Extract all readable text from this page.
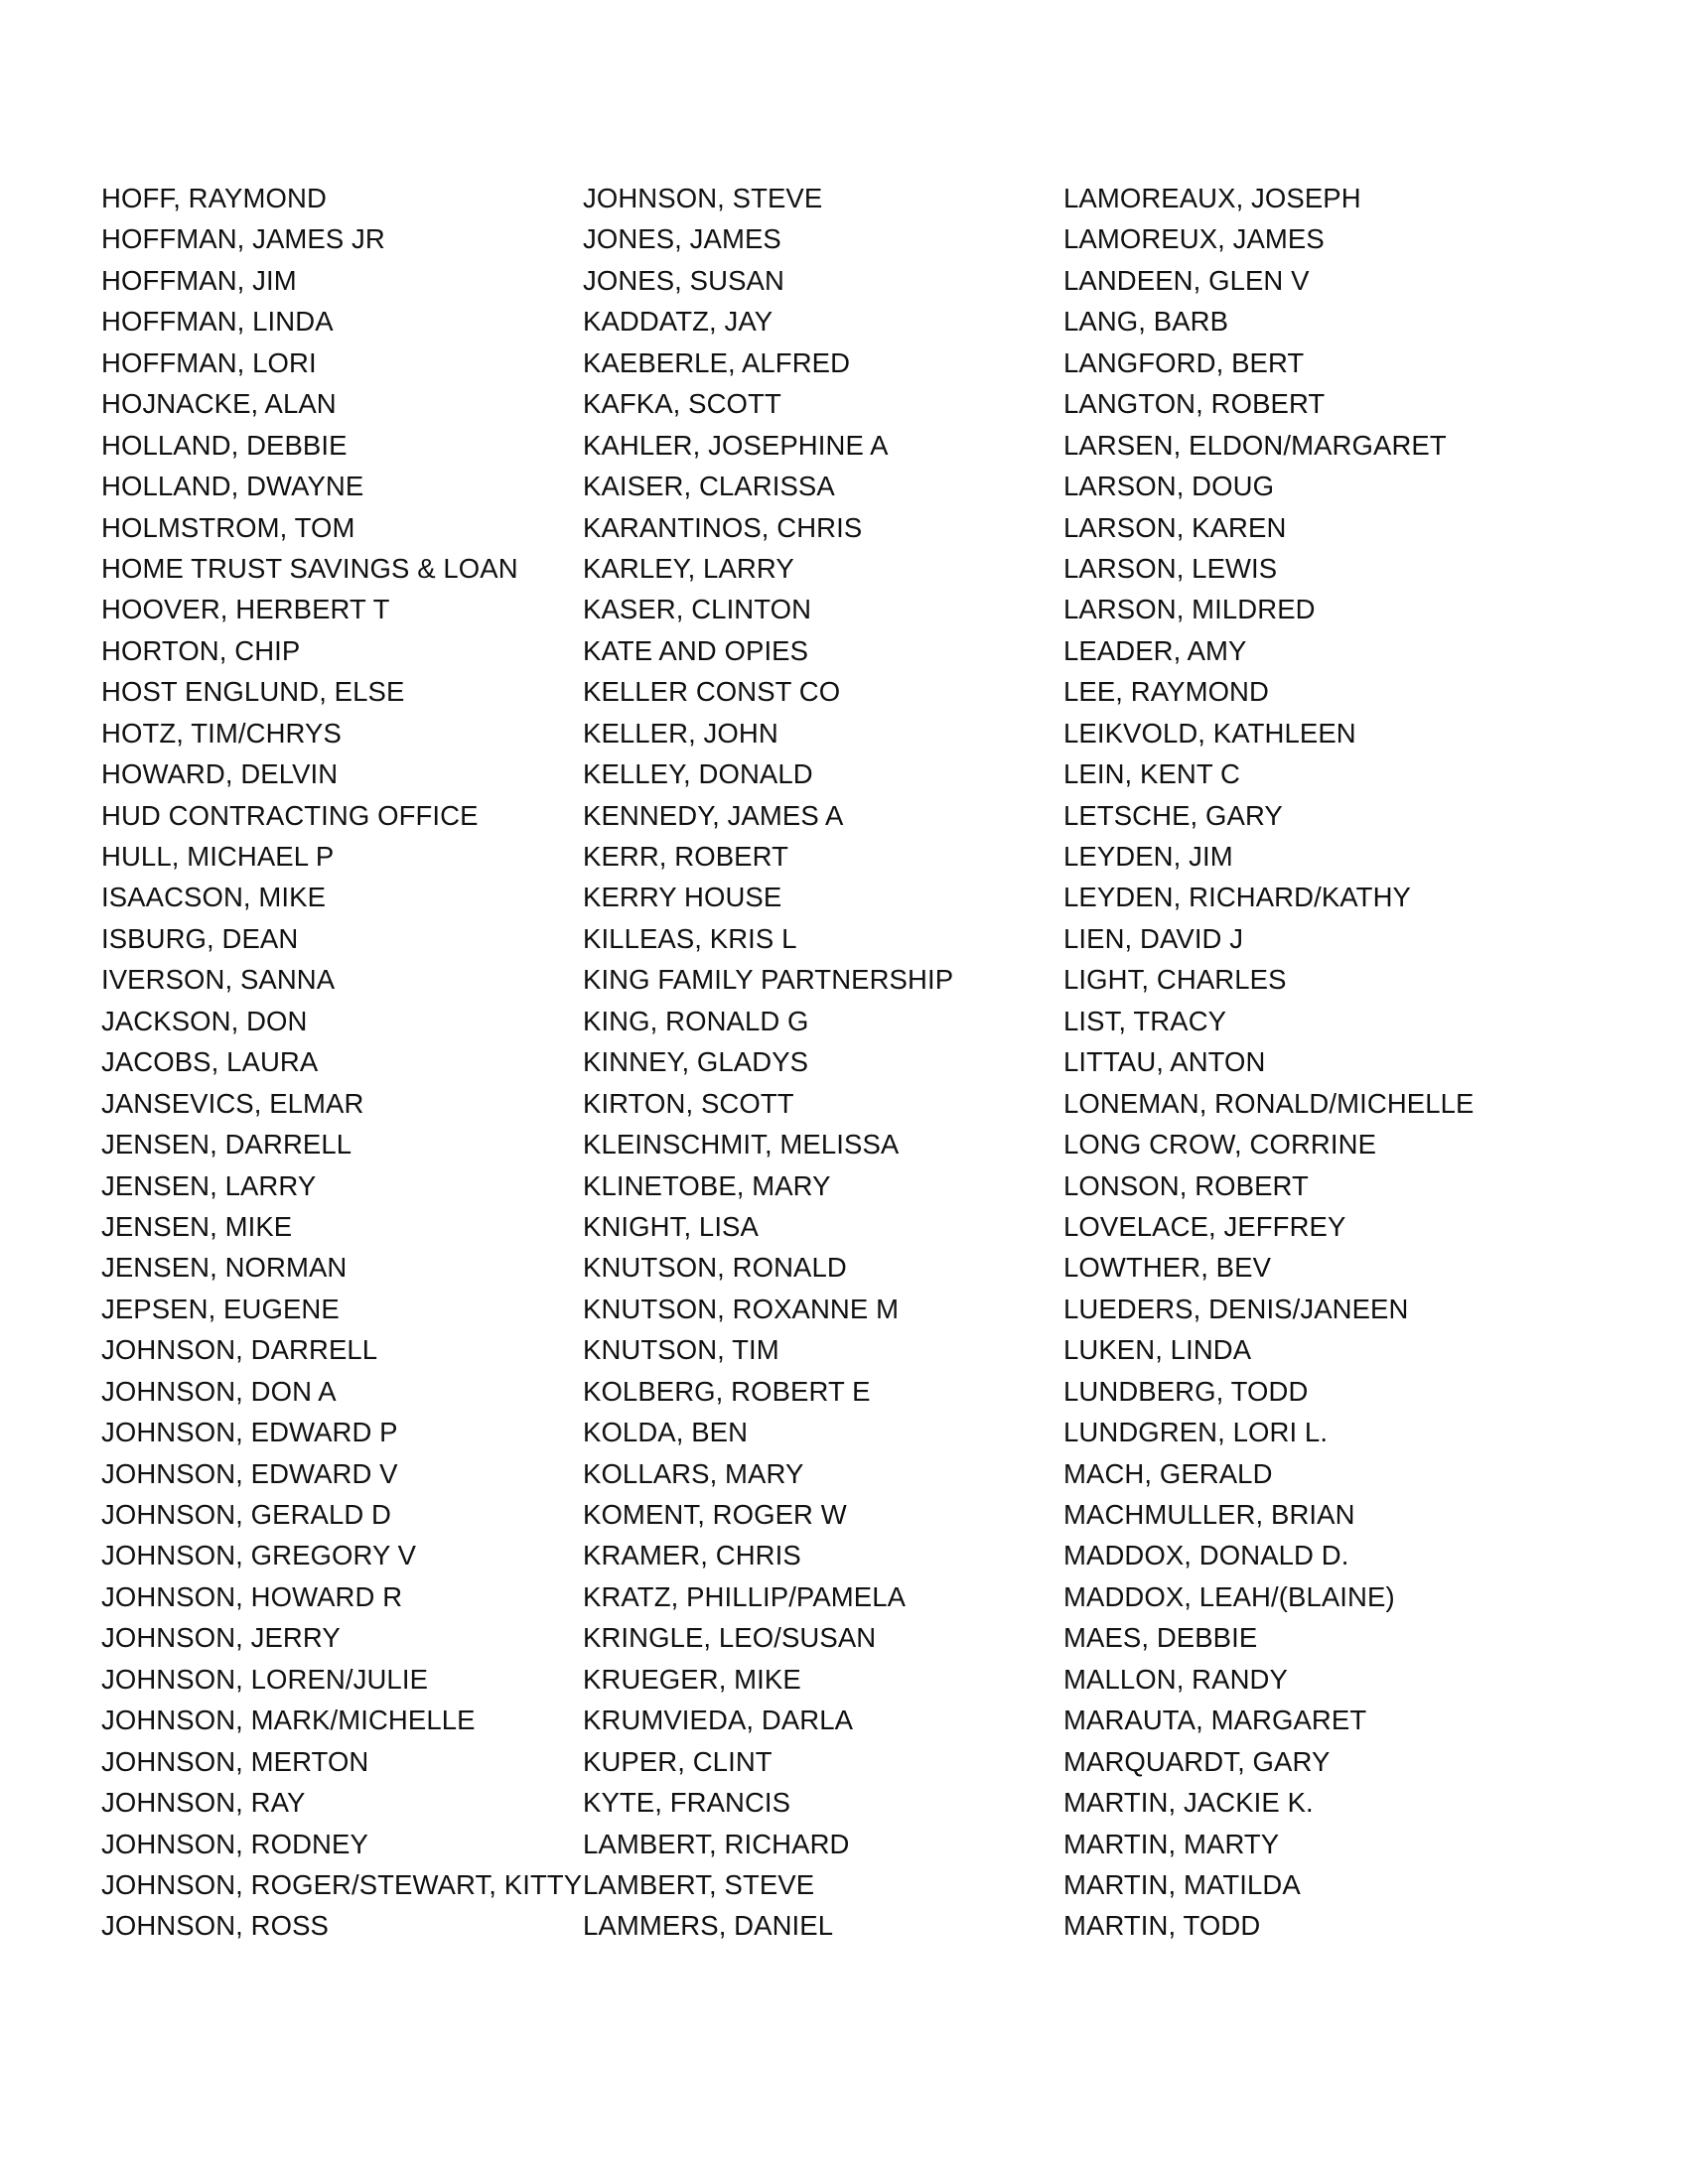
HOFF, RAYMOND
HOFFMAN, JAMES JR
HOFFMAN, JIM
HOFFMAN, LINDA
HOFFMAN, LORI
HOJNACKE, ALAN
HOLLAND, DEBBIE
HOLLAND, DWAYNE
HOLMSTROM, TOM
HOME TRUST SAVINGS & LOAN
HOOVER, HERBERT T
HORTON, CHIP
HOST ENGLUND, ELSE
HOTZ, TIM/CHRYS
HOWARD, DELVIN
HUD CONTRACTING OFFICE
HULL, MICHAEL P
ISAACSON, MIKE
ISBURG, DEAN
IVERSON, SANNA
JACKSON, DON
JACOBS, LAURA
JANSEVICS, ELMAR
JENSEN, DARRELL
JENSEN, LARRY
JENSEN, MIKE
JENSEN, NORMAN
JEPSEN, EUGENE
JOHNSON, DARRELL
JOHNSON, DON A
JOHNSON, EDWARD P
JOHNSON, EDWARD V
JOHNSON, GERALD D
JOHNSON, GREGORY V
JOHNSON, HOWARD R
JOHNSON, JERRY
JOHNSON, LOREN/JULIE
JOHNSON, MARK/MICHELLE
JOHNSON, MERTON
JOHNSON, RAY
JOHNSON, RODNEY
JOHNSON, ROGER/STEWART, KITTY
JOHNSON, ROSS
JOHNSON, STEVE
JONES, JAMES
JONES, SUSAN
KADDATZ, JAY
KAEBERLE, ALFRED
KAFKA, SCOTT
KAHLER, JOSEPHINE A
KAISER, CLARISSA
KARANTINOS, CHRIS
KARLEY, LARRY
KASER, CLINTON
KATE AND OPIES
KELLER CONST CO
KELLER, JOHN
KELLEY, DONALD
KENNEDY, JAMES A
KERR, ROBERT
KERRY HOUSE
KILLEAS, KRIS L
KING FAMILY PARTNERSHIP
KING, RONALD G
KINNEY, GLADYS
KIRTON, SCOTT
KLEINSCHMIT, MELISSA
KLINETOBE, MARY
KNIGHT, LISA
KNUTSON, RONALD
KNUTSON, ROXANNE M
KNUTSON, TIM
KOLBERG, ROBERT E
KOLDA, BEN
KOLLARS, MARY
KOMENT, ROGER W
KRAMER, CHRIS
KRATZ, PHILLIP/PAMELA
KRINGLE, LEO/SUSAN
KRUEGER, MIKE
KRUMVIEDA, DARLA
KUPER, CLINT
KYTE, FRANCIS
LAMBERT, RICHARD
LAMBERT, STEVE
LAMMERS, DANIEL
LAMOREAUX, JOSEPH
LAMOREUX, JAMES
LANDEEN, GLEN V
LANG, BARB
LANGFORD, BERT
LANGTON, ROBERT
LARSEN, ELDON/MARGARET
LARSON, DOUG
LARSON, KAREN
LARSON, LEWIS
LARSON, MILDRED
LEADER, AMY
LEE, RAYMOND
LEIKVOLD, KATHLEEN
LEIN, KENT C
LETSCHE, GARY
LEYDEN, JIM
LEYDEN, RICHARD/KATHY
LIEN, DAVID J
LIGHT, CHARLES
LIST, TRACY
LITTAU, ANTON
LONEMAN, RONALD/MICHELLE
LONG CROW, CORRINE
LONSON, ROBERT
LOVELACE, JEFFREY
LOWTHER, BEV
LUEDERS, DENIS/JANEEN
LUKEN, LINDA
LUNDBERG, TODD
LUNDGREN, LORI L.
MACH, GERALD
MACHMULLER, BRIAN
MADDOX, DONALD D.
MADDOX, LEAH/(BLAINE)
MAES, DEBBIE
MALLON, RANDY
MARAUTA, MARGARET
MARQUARDT, GARY
MARTIN, JACKIE K.
MARTIN, MARTY
MARTIN, MATILDA
MARTIN, TODD
